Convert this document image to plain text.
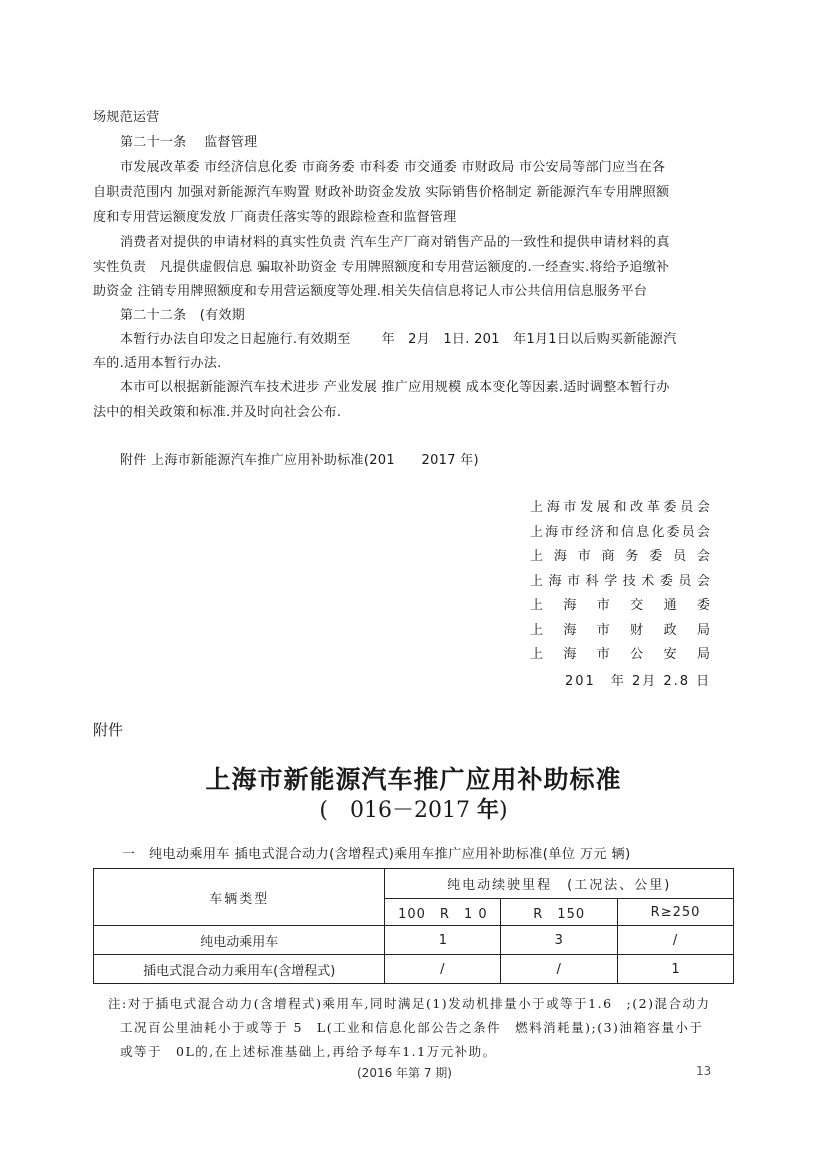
场规范运营
第二十一条　 监督管理
市发展改革委 市经济信息化委 市商务委 市科委 市交通委 市财政局 市公安局等部门应当在各
自职责范围内 加强对新能源汽车购置 财政补助资金发放 实际销售价格制定 新能源汽车专用牌照额
度和专用营运额度发放 厂商责任落实等的跟踪检查和监督管理
消费者对提供的申请材料的真实性负责 汽车生产厂商对销售产品的一致性和提供申请材料的真
实性负责　凡提供虚假信息 骗取补助资金 专用牌照额度和专用营运额度的.一经查实.将给予追缴补
助资金 注销专用牌照额度和专用营运额度等处理.相关失信信息将记人市公共信用信息服务平台
第二十二条　(有效期
本暂行办法自印发之日起施行.有效期至　　 年　2月　1日. 201　年1月1日以后购买新能源汽
车的.适用本暂行办法.
本市可以根据新能源汽车技术进步 产业发展 推广应用规模 成本变化等因素.适时调整本暂行办
法中的相关政策和标准.并及时向社会公布.
附件 上海市新能源汽车推广应用补助标准(201　　2017 年)
上 海 市 发 展 和 改 革 委 员 会
上 海 市 经 济 和 信 息 化 委 员 会
上 海 市 商 务 委 员 会
上 海 市 科 学 技 术 委 员 会
上 海 市 交 通 委
上 海 市 财 政 局
上 海 市 公 安 局
201　年 2月 2.8 日
附件
上海市新能源汽车推广应用补助标准
(　016－2017 年)
一　纯电动乘用车 插电式混合动力(含增程式)乘用车推广应用补助标准(单位 万元 辆)
车辆类型	纯电动续驶里程　(工况法、公里)		
	100　R　1 0	R　150	R≥250
纯电动乘用车	1	3	/
插电式混合动力乘用车(含增程式)	/	/	1
注:对于插电式混合动力(含增程式)乘用车,同时满足(1)发动机排量小于或等于1.6　;(2)混合动力
工况百公里油耗小于或等于 5　L(工业和信息化部公告之条件　燃料消耗量);(3)油箱容量小于
或等于　0L的,在上述标准基础上,再给予每车1.1万元补助。
(2016 年第 7 期)	13
